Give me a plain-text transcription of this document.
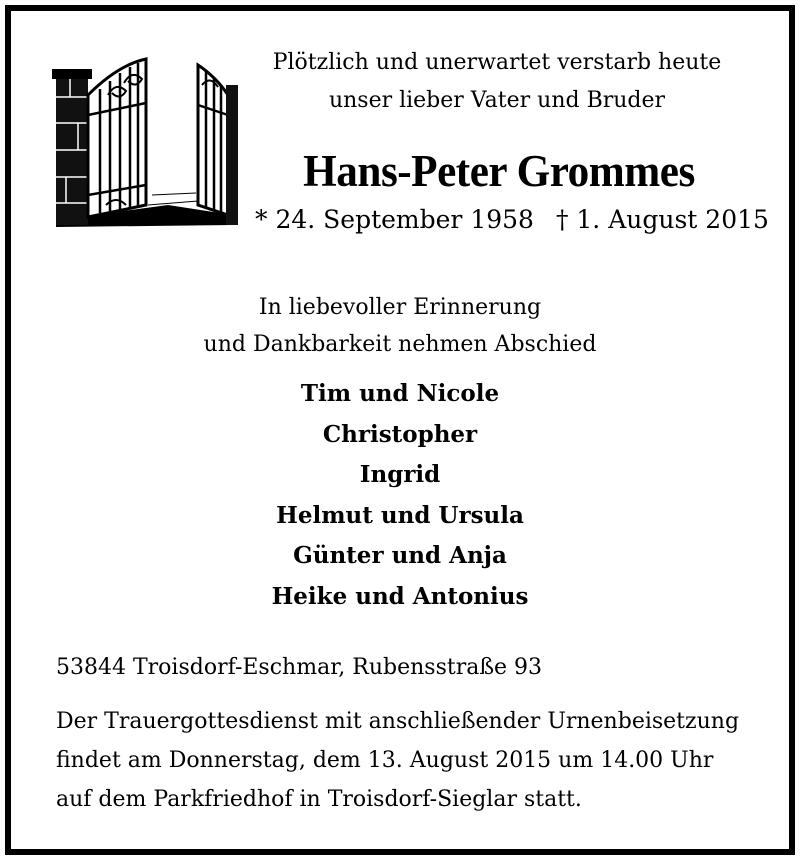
Plötzlich und unerwartet verstarb heute
unser lieber Vater und Bruder
Hans-Peter Grommes
* 24. September 1958 † 1. August 2015
In liebevoller Erinnerung
und Dankbarkeit nehmen Abschied
Tim und Nicole
Christopher
Ingrid
Helmut und Ursula
Günter und Anja
Heike und Antonius
53844 Troisdorf-Eschmar, Rubensstraße 93
Der Trauergottesdienst mit anschließender Urnenbeisetzung
findet am Donnerstag, dem 13. August 2015 um 14.00 Uhr
auf dem Parkfriedhof in Troisdorf-Sieglar statt.
